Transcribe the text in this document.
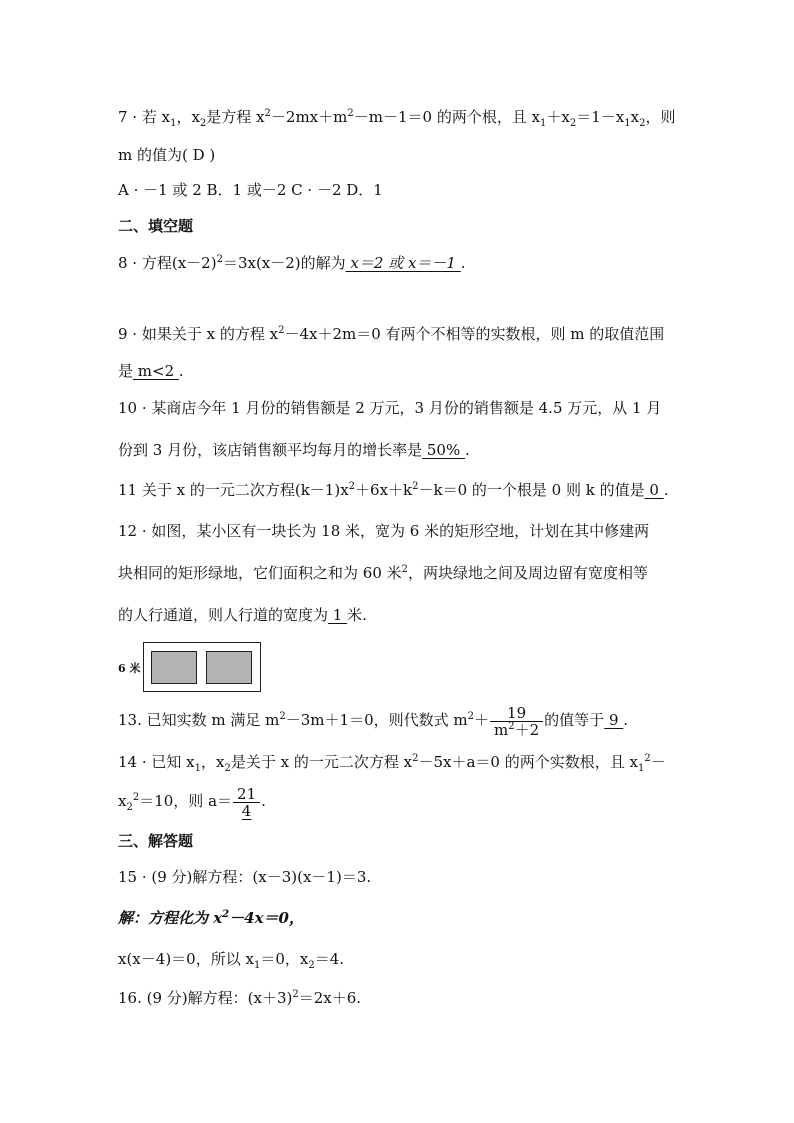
7 · 若 $x_1$，$x_2$是方程 $x^2-2mx+m^2-m-1=0$ 的两个根，且 $x_1+x_2=1-x_1x_2$，则
m 的值为( D )
A · －1 或 2 B．1 或－2 C · －2 D．1
二、填空题
8 · 方程$(x-2)^2=3x(x-2)$的解为 x＝2 或 x＝－1 .
9 · 如果关于 x 的方程 $x^2-4x+2m=0$ 有两个不相等的实数根，则 m 的取值范围
是 m<2 .
10 · 某商店今年 1 月份的销售额是 2 万元，3 月份的销售额是 4.5 万元，从 1 月
份到 3 月份，该店销售额平均每月的增长率是 50% .
11 关于 x 的一元二次方程$(k-1)x^2+6x+k^2-k=0$ 的一个根是 0 则 k 的值是 0 .
12 · 如图，某小区有一块长为 18 米，宽为 6 米的矩形空地，计划在其中修建两
块相同的矩形绿地，它们面积之和为 60 米$^2$，两块绿地之间及周边留有宽度相等
的人行通道，则人行道的宽度为 1 米.
6 米
13. 已知实数 m 满足 $m^2-3m+1=0$，则代数式 $m^2+ \frac{19}{m^2+2}$ 的值等于 9 .
14 · 已知 $x_1$，$x_2$是关于 x 的一元二次方程 $x^2-5x+a=0$ 的两个实数根，且 $x_1^2-$
$x_2^2=10$，则 $a= \frac{21}{4}$ .
三、解答题
15 · (9 分)解方程：(x－3)(x－1)＝3.
解：方程化为 $x^2-4x=0$，
x(x－4)＝0，所以 $x_1=0$，$x_2=4$.
16. (9 分)解方程：$(x+3)^2=2x+6$.
